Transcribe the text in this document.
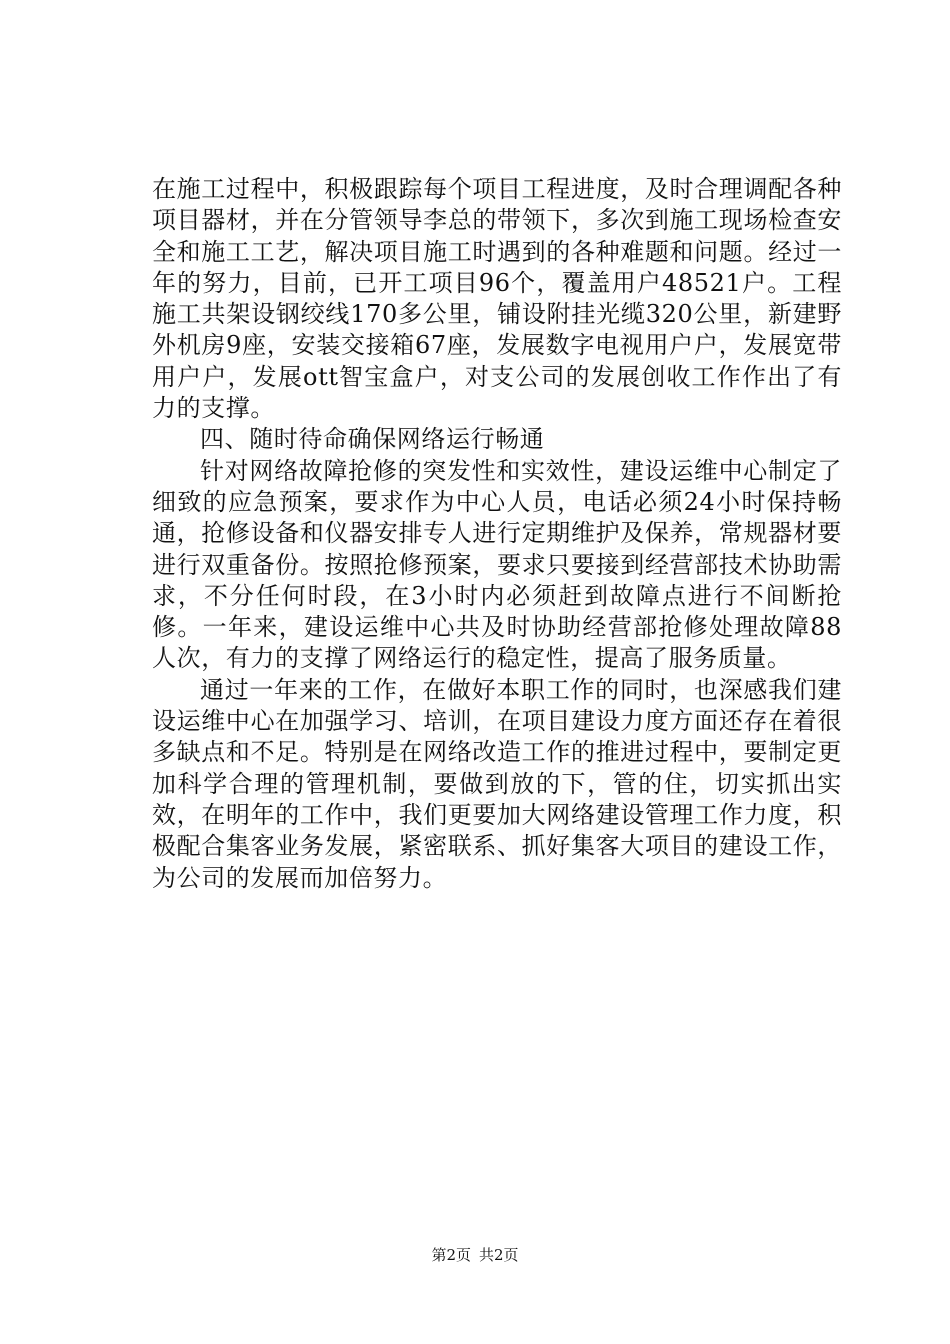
在施工过程中，积极跟踪每个项目工程进度，及时合理调配各种项目器材，并在分管领导李总的带领下，多次到施工现场检查安全和施工工艺，解决项目施工时遇到的各种难题和问题。经过一年的努力，目前，已开工项目96个，覆盖用户48521户。工程施工共架设钢绞线170多公里，铺设附挂光缆320公里，新建野外机房9座，安装交接箱67座，发展数字电视用户户，发展宽带用户户，发展ott智宝盒户，对支公司的发展创收工作作出了有力的支撑。

四、随时待命确保网络运行畅通

针对网络故障抢修的突发性和实效性，建设运维中心制定了细致的应急预案，要求作为中心人员，电话必须24小时保持畅通，抢修设备和仪器安排专人进行定期维护及保养，常规器材要进行双重备份。按照抢修预案，要求只要接到经营部技术协助需求，不分任何时段，在3小时内必须赶到故障点进行不间断抢修。一年来，建设运维中心共及时协助经营部抢修处理故障88人次，有力的支撑了网络运行的稳定性，提高了服务质量。

通过一年来的工作，在做好本职工作的同时，也深感我们建设运维中心在加强学习、培训，在项目建设力度方面还存在着很多缺点和不足。特别是在网络改造工作的推进过程中，要制定更加科学合理的管理机制，要做到放的下，管的住，切实抓出实效，在明年的工作中，我们更要加大网络建设管理工作力度，积极配合集客业务发展，紧密联系、抓好集客大项目的建设工作，为公司的发展而加倍努力。

第2页 共2页
